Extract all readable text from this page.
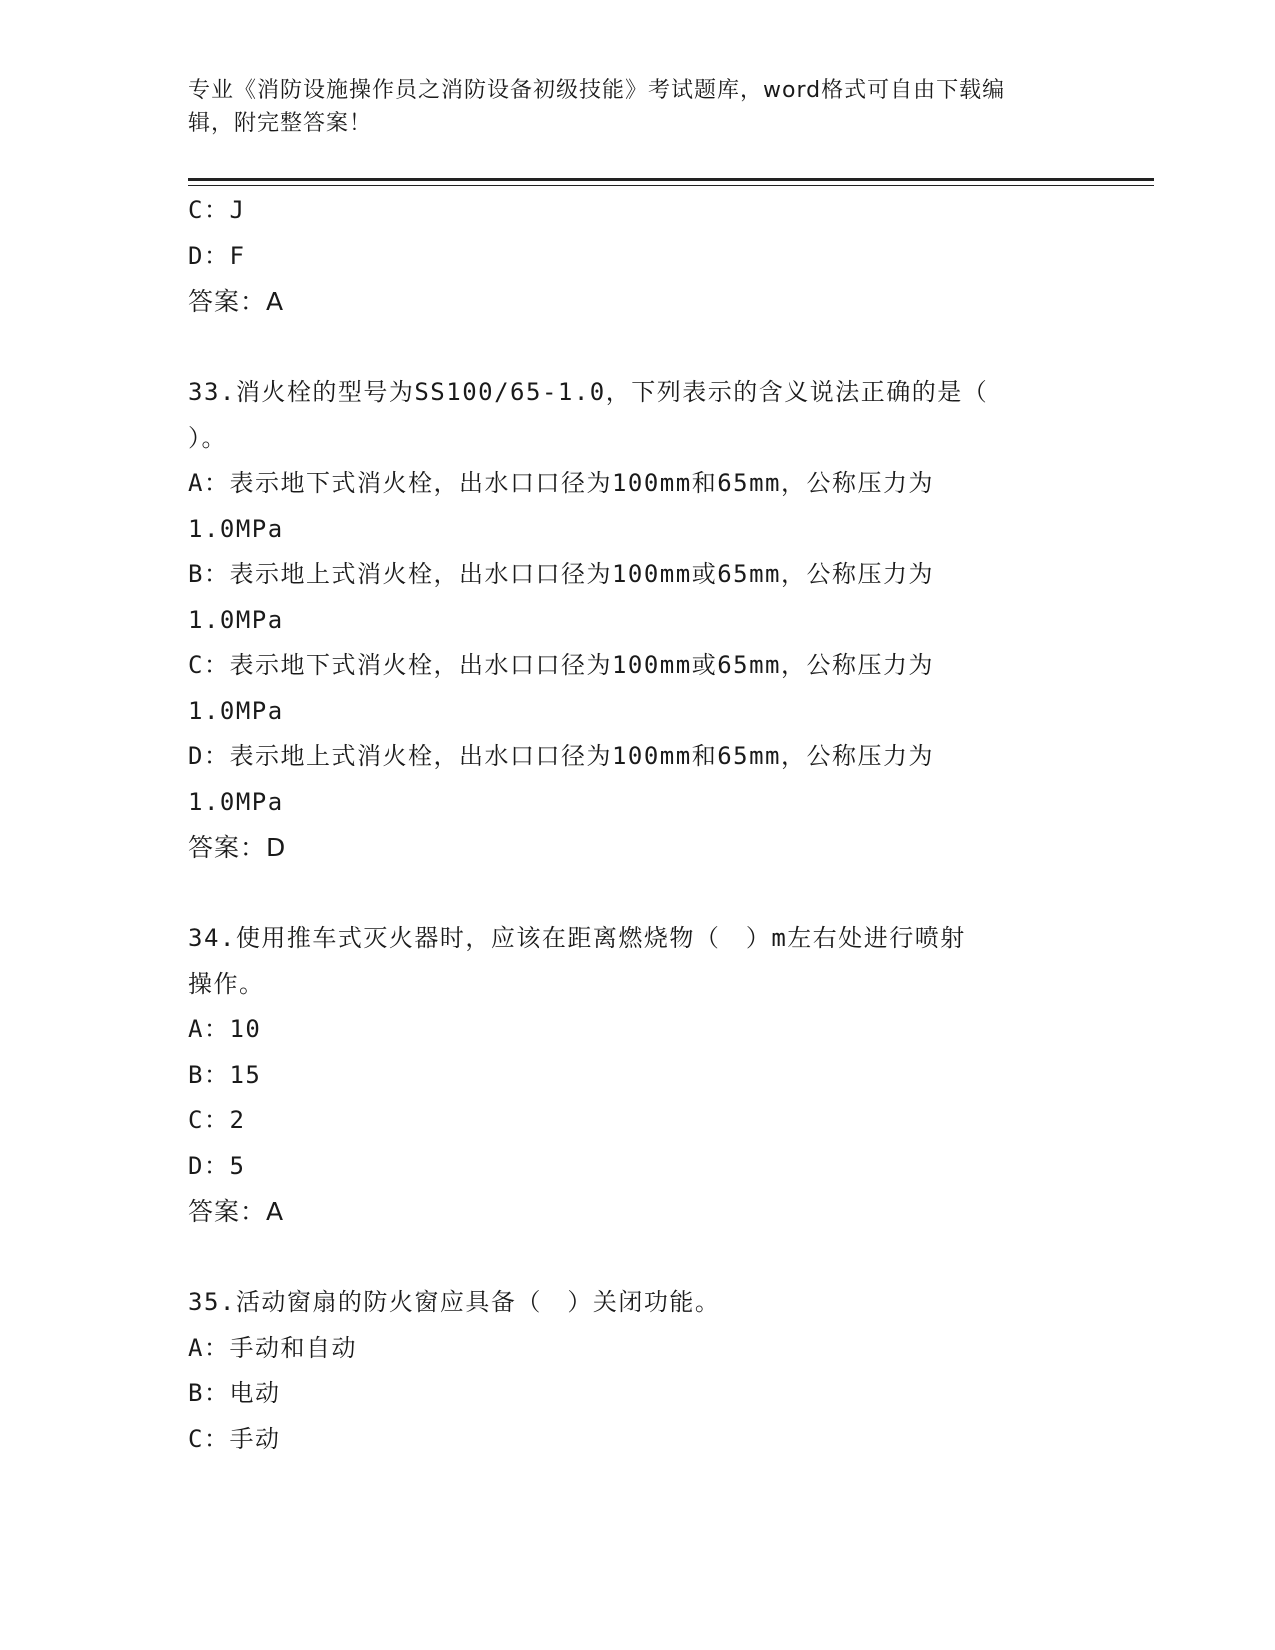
专业《消防设施操作员之消防设备初级技能》考试题库，word格式可自由下载编
辑，附完整答案！
C：J
D：F
答案：A
33.消火栓的型号为SS100/65-1.0，下列表示的含义说法正确的是（
）。
A：表示地下式消火栓，出水口口径为100mm和65mm，公称压力为
1.0MPa
B：表示地上式消火栓，出水口口径为100mm或65mm，公称压力为
1.0MPa
C：表示地下式消火栓，出水口口径为100mm或65mm，公称压力为
1.0MPa
D：表示地上式消火栓，出水口口径为100mm和65mm，公称压力为
1.0MPa
答案：D
34.使用推车式灭火器时，应该在距离燃烧物（　）m左右处进行喷射
操作。
A：10
B：15
C：2
D：5
答案：A
35.活动窗扇的防火窗应具备（　）关闭功能。
A：手动和自动
B：电动
C：手动
